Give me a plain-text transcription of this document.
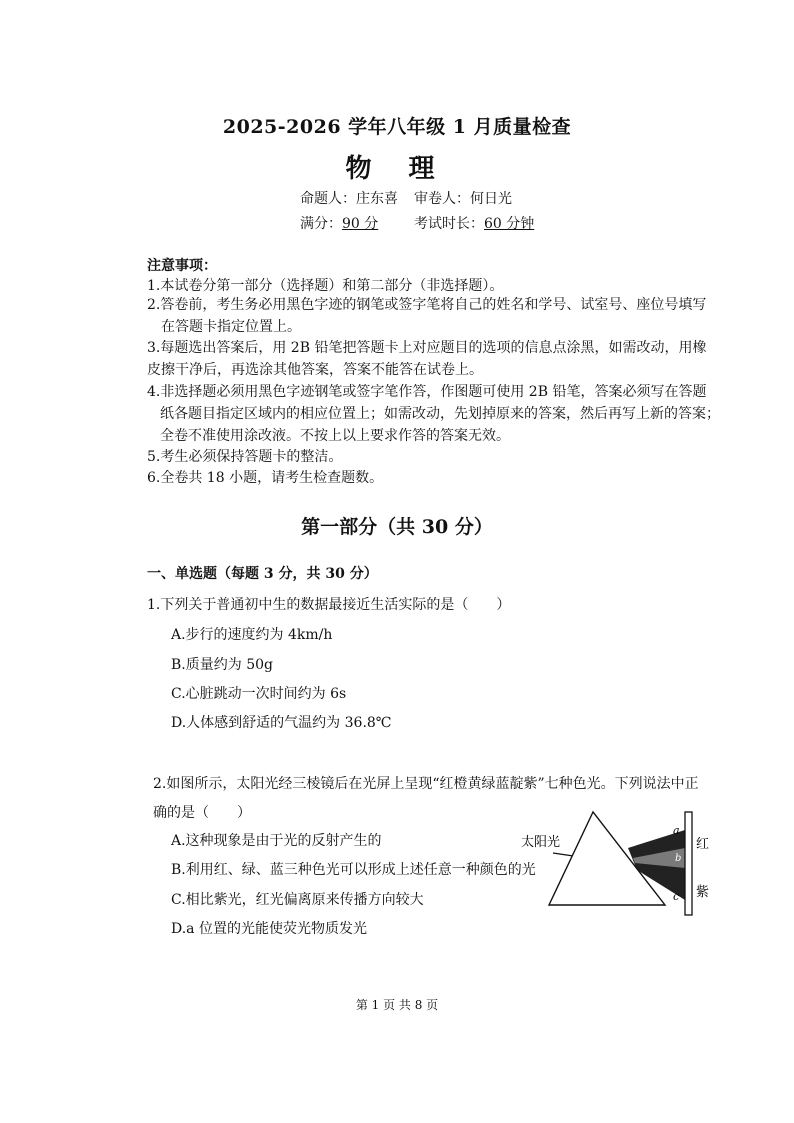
2025-2026 学年八年级 1 月质量检查
物 理
命题人：庄东喜 审卷人：何日光
满分：90 分	考试时长：60 分钟
注意事项：
1.本试卷分第一部分（选择题）和第二部分（非选择题）。
2.答卷前，考生务必用黑色字迹的钢笔或签字笔将自己的姓名和学号、试室号、座位号填写
在答题卡指定位置上。
3.每题选出答案后，用 2B 铅笔把答题卡上对应题目的选项的信息点涂黑，如需改动，用橡
皮擦干净后，再选涂其他答案，答案不能答在试卷上。
4.非选择题必须用黑色字迹钢笔或签字笔作答，作图题可使用 2B 铅笔，答案必须写在答题
纸各题目指定区域内的相应位置上；如需改动，先划掉原来的答案，然后再写上新的答案；
全卷不准使用涂改液。不按上以上要求作答的答案无效。
5.考生必须保持答题卡的整洁。
6.全卷共 18 小题，请考生检查题数。
第一部分（共 30 分）
一、单选题（每题 3 分，共 30 分）
1.下列关于普通初中生的数据最接近生活实际的是（　　）
A.步行的速度约为 4km/h
B.质量约为 50g
C.心脏跳动一次时间约为 6s
D.人体感到舒适的气温约为 36.8℃
2.如图所示，太阳光经三棱镜后在光屏上呈现“红橙黄绿蓝靛紫”七种色光。下列说法中正
确的是（　　）
A.这种现象是由于光的反射产生的
B.利用红、绿、蓝三种色光可以形成上述任意一种颜色的光
C.相比紫光，红光偏离原来传播方向较大
D.a 位置的光能使荧光物质发光
太阳光
a
b
c
红
紫
第 1 页 共 8 页
